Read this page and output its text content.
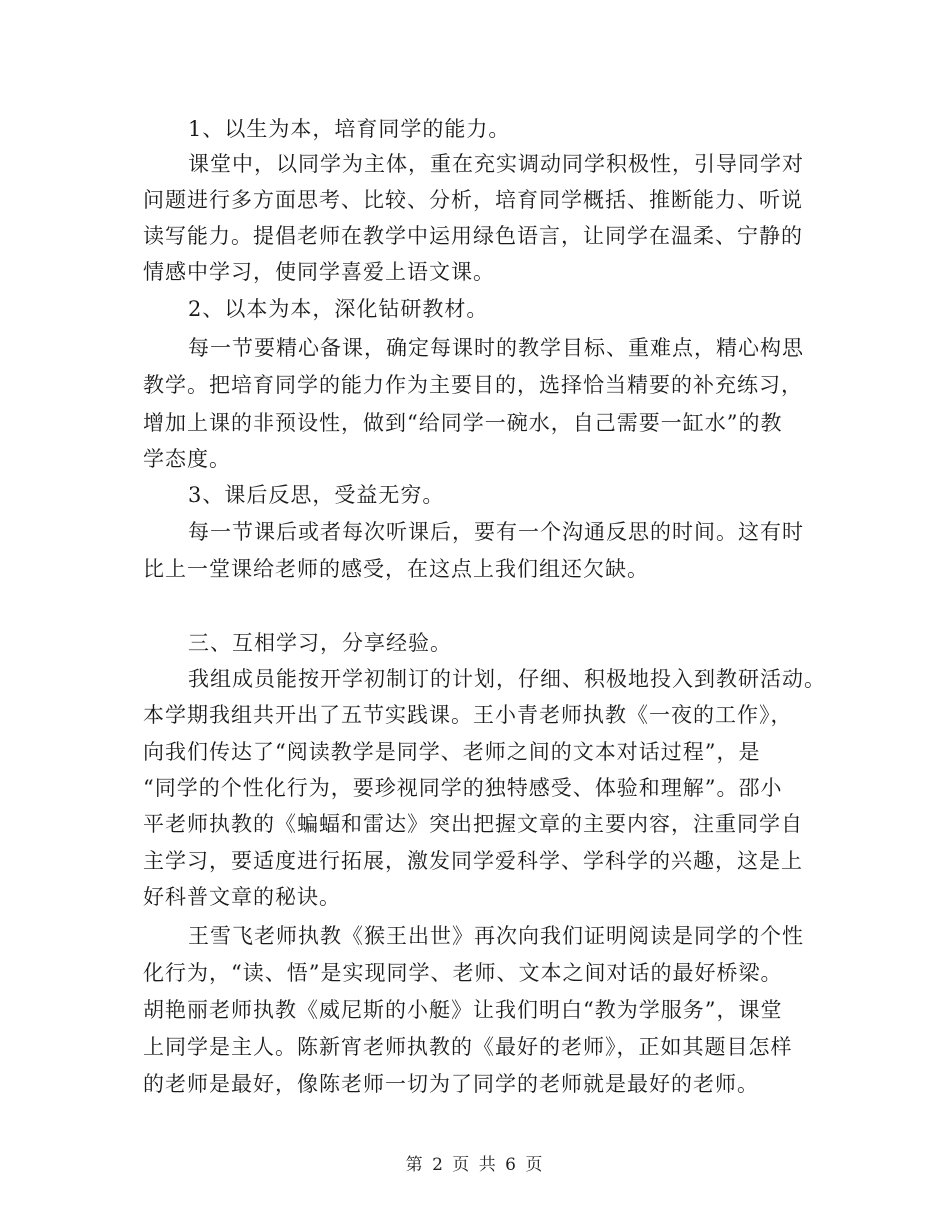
1、以生为本，培育同学的能力。
课堂中，以同学为主体，重在充实调动同学积极性，引导同学对
问题进行多方面思考、比较、分析，培育同学概括、推断能力、听说
读写能力。提倡老师在教学中运用绿色语言，让同学在温柔、宁静的
情感中学习，使同学喜爱上语文课。
2、以本为本，深化钻研教材。
每一节要精心备课，确定每课时的教学目标、重难点，精心构思
教学。把培育同学的能力作为主要目的，选择恰当精要的补充练习，
增加上课的非预设性，做到“给同学一碗水，自己需要一缸水”的教
学态度。
3、课后反思，受益无穷。
每一节课后或者每次听课后，要有一个沟通反思的时间。这有时
比上一堂课给老师的感受，在这点上我们组还欠缺。
三、互相学习，分享经验。
我组成员能按开学初制订的计划，仔细、积极地投入到教研活动。
本学期我组共开出了五节实践课。王小青老师执教《一夜的工作》，
向我们传达了“阅读教学是同学、老师之间的文本对话过程”，是
“同学的个性化行为，要珍视同学的独特感受、体验和理解”。邵小
平老师执教的《蝙蝠和雷达》突出把握文章的主要内容，注重同学自
主学习，要适度进行拓展，激发同学爱科学、学科学的兴趣，这是上
好科普文章的秘诀。
王雪飞老师执教《猴王出世》再次向我们证明阅读是同学的个性
化行为，“读、悟”是实现同学、老师、文本之间对话的最好桥梁。
胡艳丽老师执教《威尼斯的小艇》让我们明白“教为学服务”，课堂
上同学是主人。陈新宵老师执教的《最好的老师》，正如其题目怎样
的老师是最好，像陈老师一切为了同学的老师就是最好的老师。
第 2 页 共 6 页
